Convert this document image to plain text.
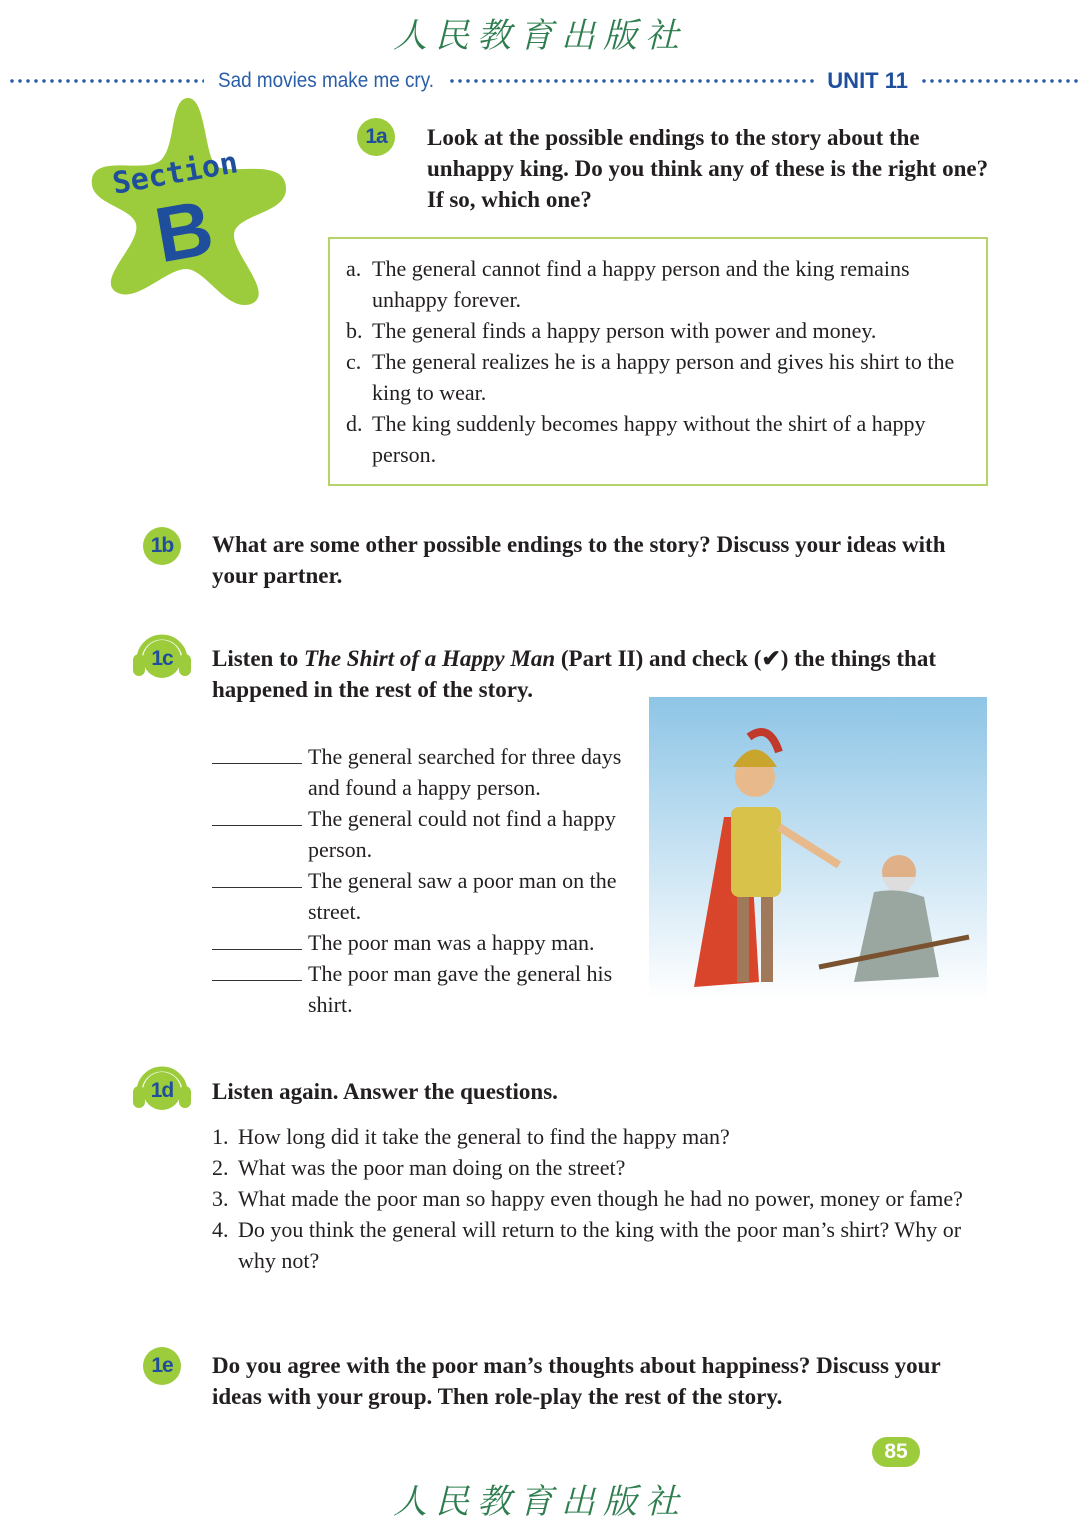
人民教育出版社
Sad movies make me cry.	UNIT 11
Section
B
1a	Look at the possible endings to the story about the unhappy king. Do you think any of these is the right one? If so, which one?
a. The general cannot find a happy person and the king remains unhappy forever.
b. The general finds a happy person with power and money.
c. The general realizes he is a happy person and gives his shirt to the king to wear.
d. The king suddenly becomes happy without the shirt of a happy person.
1b	What are some other possible endings to the story? Discuss your ideas with your partner.
1c	Listen to The Shirt of a Happy Man (Part II) and check (✔) the things that happened in the rest of the story.
The general searched for three days and found a happy person.
The general could not find a happy person.
The general saw a poor man on the street.
The poor man was a happy man.
The poor man gave the general his shirt.
1d	Listen again. Answer the questions.
1. How long did it take the general to find the happy man?
2. What was the poor man doing on the street?
3. What made the poor man so happy even though he had no power, money or fame?
4. Do you think the general will return to the king with the poor man’s shirt? Why or why not?
1e	Do you agree with the poor man’s thoughts about happiness? Discuss your ideas with your group. Then role-play the rest of the story.
85
人民教育出版社
